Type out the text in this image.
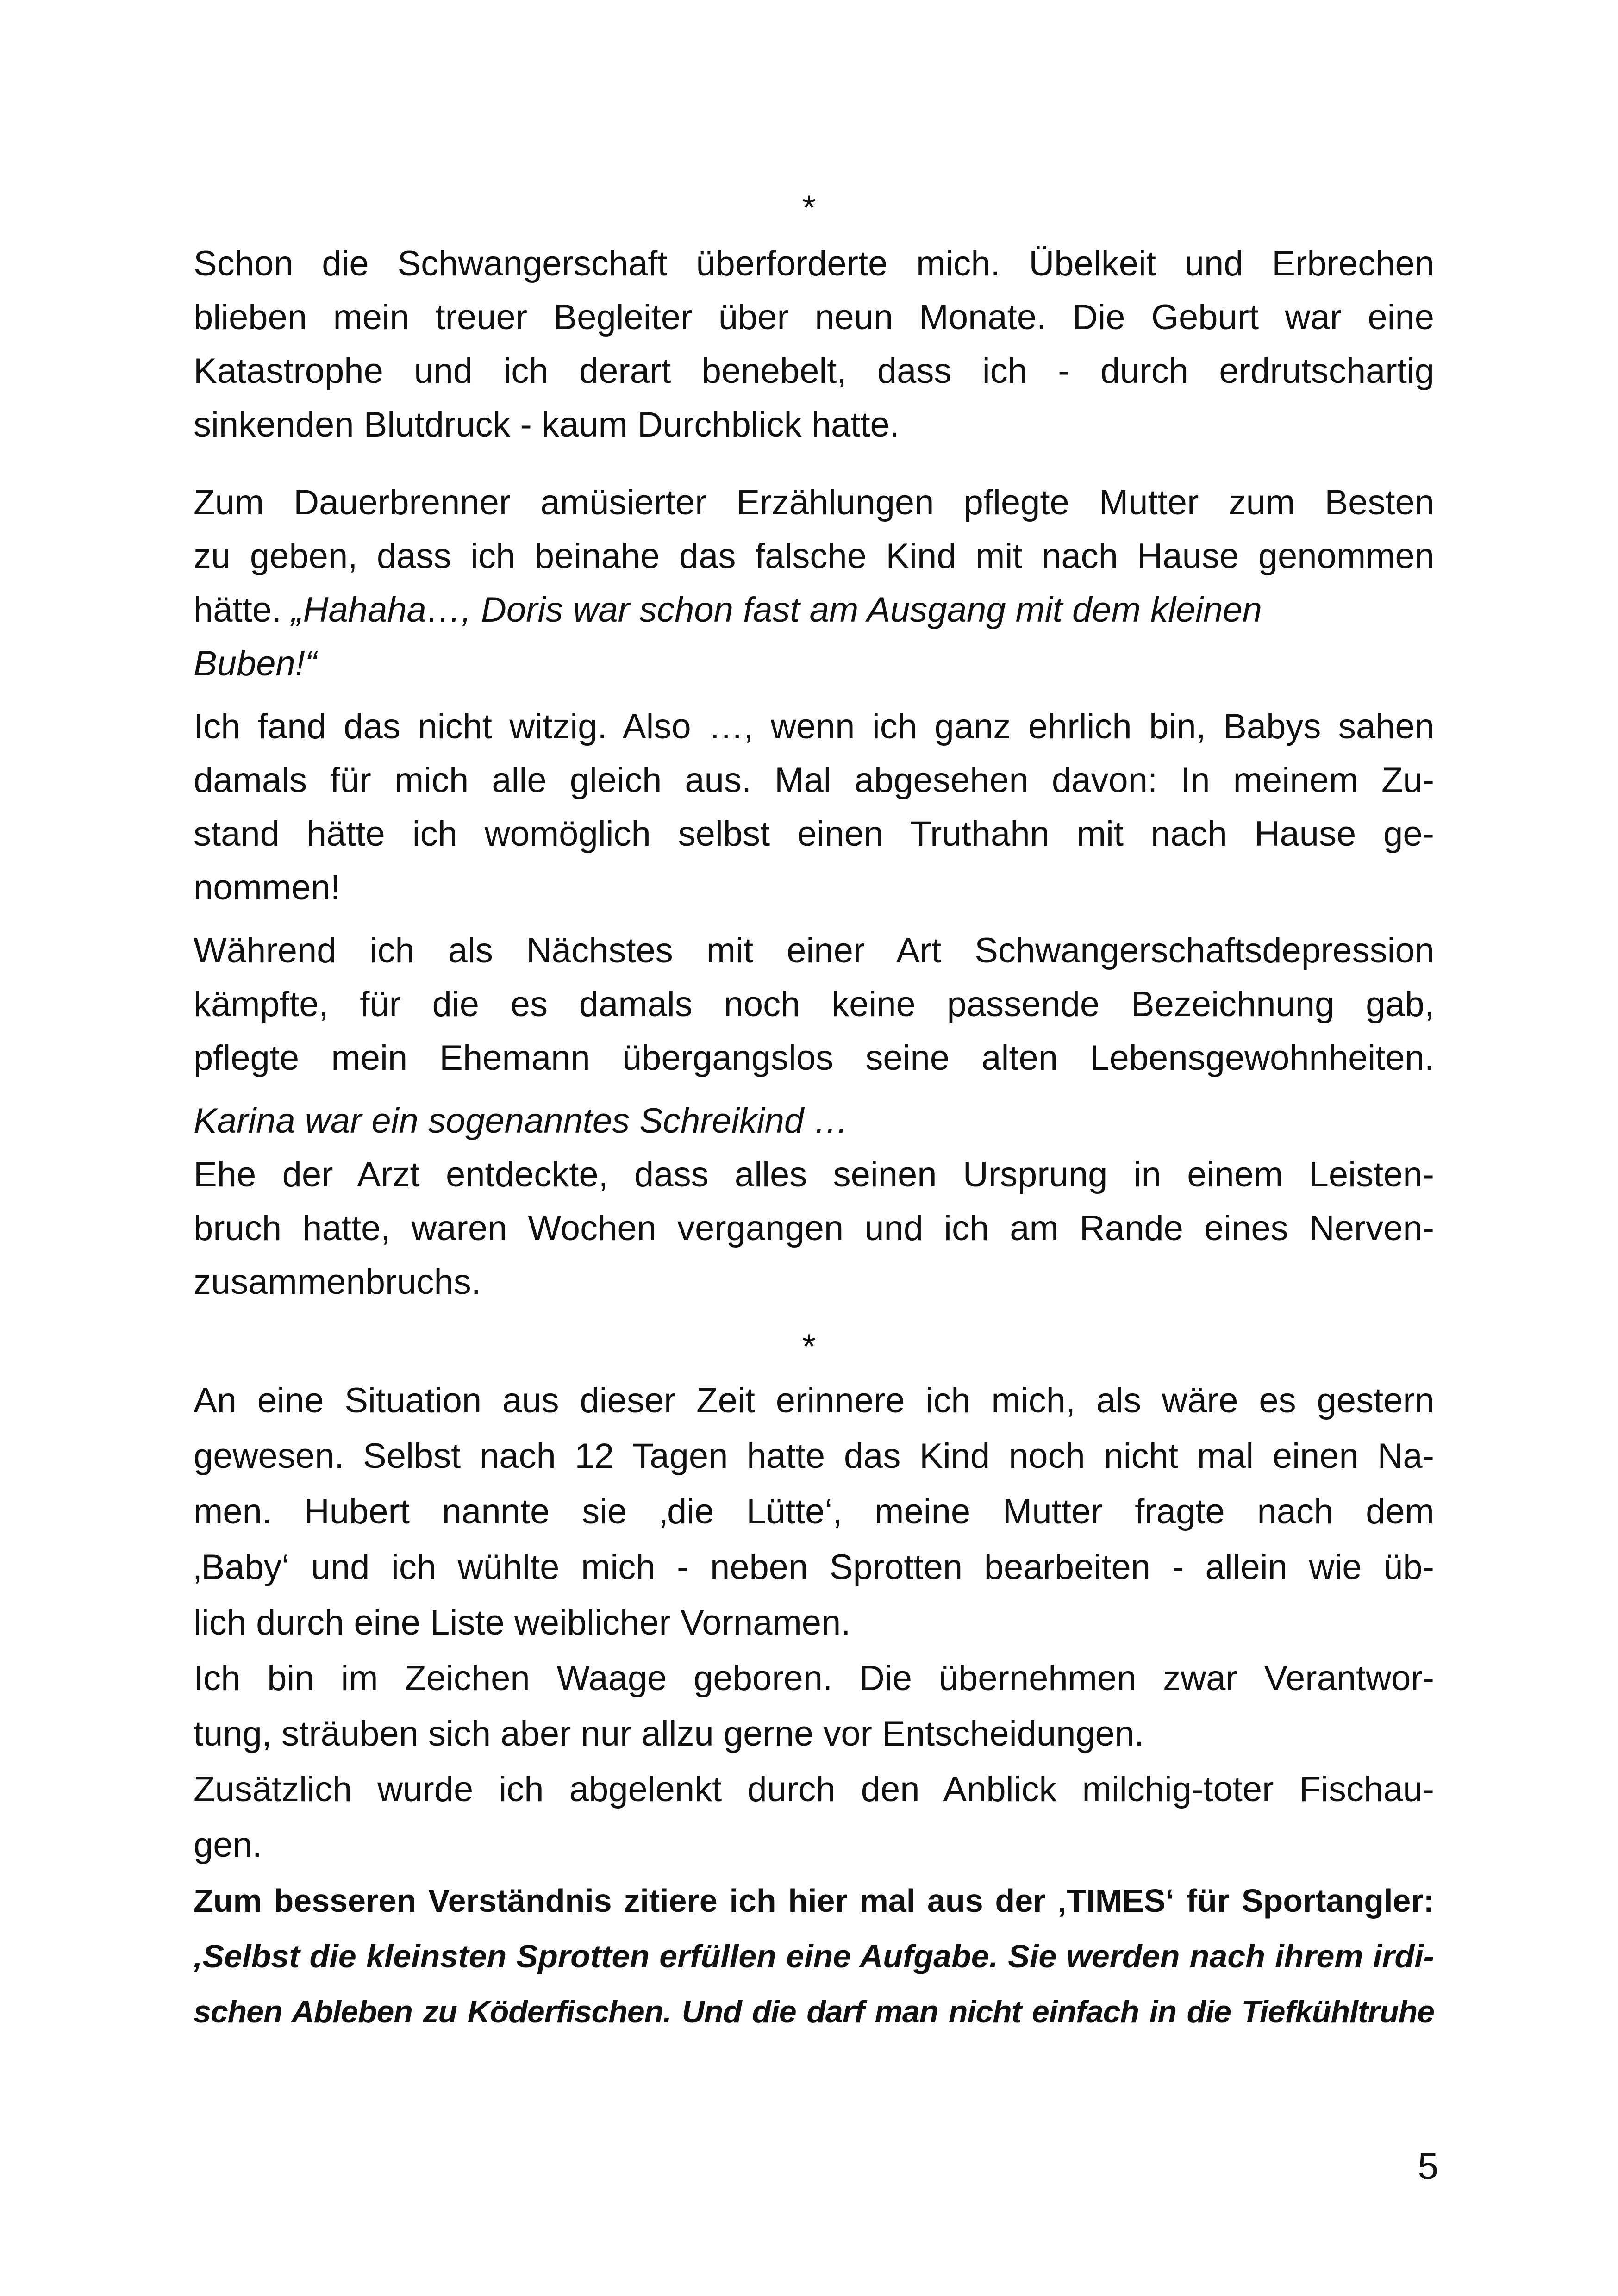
*
Schon die Schwangerschaft überforderte mich. Übelkeit und Erbrechen
blieben mein treuer Begleiter über neun Monate. Die Geburt war eine
Katastrophe und ich derart benebelt, dass ich - durch erdrutschartig
sinkenden Blutdruck - kaum Durchblick hatte.
Zum Dauerbrenner amüsierter Erzählungen pflegte Mutter zum Besten
zu geben, dass ich beinahe das falsche Kind mit nach Hause genommen
hätte. „Hahaha…, Doris war schon fast am Ausgang mit dem kleinen
Buben!“
Ich fand das nicht witzig. Also …, wenn ich ganz ehrlich bin, Babys sahen
damals für mich alle gleich aus. Mal abgesehen davon: In meinem Zu-
stand hätte ich womöglich selbst einen Truthahn mit nach Hause ge-
nommen!
Während ich als Nächstes mit einer Art Schwangerschaftsdepression
kämpfte, für die es damals noch keine passende Bezeichnung gab,
pflegte mein Ehemann übergangslos seine alten Lebensgewohnheiten.
Karina war ein sogenanntes Schreikind …
Ehe der Arzt entdeckte, dass alles seinen Ursprung in einem Leisten-
bruch hatte, waren Wochen vergangen und ich am Rande eines Nerven-
zusammenbruchs.
*
An eine Situation aus dieser Zeit erinnere ich mich, als wäre es gestern
gewesen. Selbst nach 12 Tagen hatte das Kind noch nicht mal einen Na-
men. Hubert nannte sie ‚die Lütte‘, meine Mutter fragte nach dem
‚Baby‘ und ich wühlte mich - neben Sprotten bearbeiten - allein wie üb-
lich durch eine Liste weiblicher Vornamen.
Ich bin im Zeichen Waage geboren. Die übernehmen zwar Verantwor-
tung, sträuben sich aber nur allzu gerne vor Entscheidungen.
Zusätzlich wurde ich abgelenkt durch den Anblick milchig-toter Fischau-
gen.
Zum besseren Verständnis zitiere ich hier mal aus der ‚TIMES‘ für Sportangler:
‚Selbst die kleinsten Sprotten erfüllen eine Aufgabe. Sie werden nach ihrem irdi-
schen Ableben zu Köderfischen. Und die darf man nicht einfach in die Tiefkühltruhe
5
